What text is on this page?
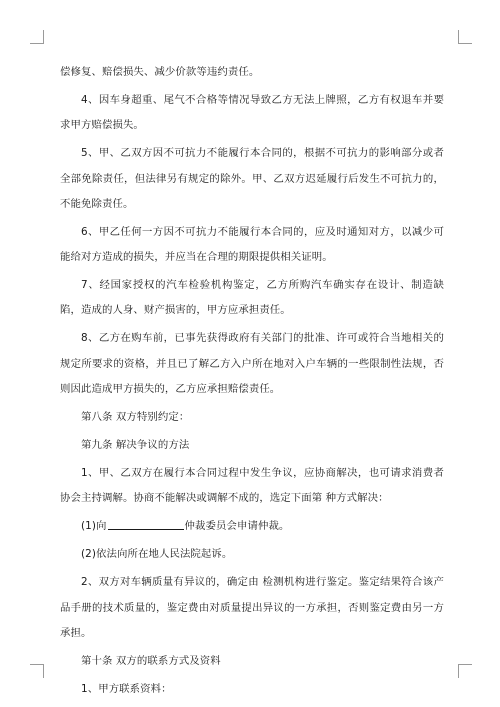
偿修复、赔偿损失、减少价款等违约责任。

4、因车身超重、尾气不合格等情况导致乙方无法上牌照，乙方有权退车并要求甲方赔偿损失。

5、甲、乙双方因不可抗力不能履行本合同的，根据不可抗力的影响部分或者全部免除责任，但法律另有规定的除外。甲、乙双方迟延履行后发生不可抗力的，不能免除责任。

6、甲乙任何一方因不可抗力不能履行本合同的，应及时通知对方，以减少可能给对方造成的损失，并应当在合理的期限提供相关证明。

7、经国家授权的汽车检验机构鉴定，乙方所购汽车确实存在设计、制造缺陷，造成的人身、财产损害的，甲方应承担责任。

8、乙方在购车前，已事先获得政府有关部门的批准、许可或符合当地相关的规定所要求的资格，并且已了解乙方入户所在地对入户车辆的一些限制性法规，否则因此造成甲方损失的，乙方应承担赔偿责任。

第八条 双方特别约定：

第九条 解决争议的方法

1、甲、乙双方在履行本合同过程中发生争议，应协商解决，也可请求消费者协会主持调解。协商不能解决或调解不成的，选定下面第 种方式解决：

(1)向	仲裁委员会申请仲裁。

(2)依法向所在地人民法院起诉。

2、双方对车辆质量有异议的，确定由 检测机构进行鉴定。鉴定结果符合该产品手册的技术质量的，鉴定费由对质量提出异议的一方承担，否则鉴定费由另一方承担。

第十条 双方的联系方式及资料

1、甲方联系资料：
